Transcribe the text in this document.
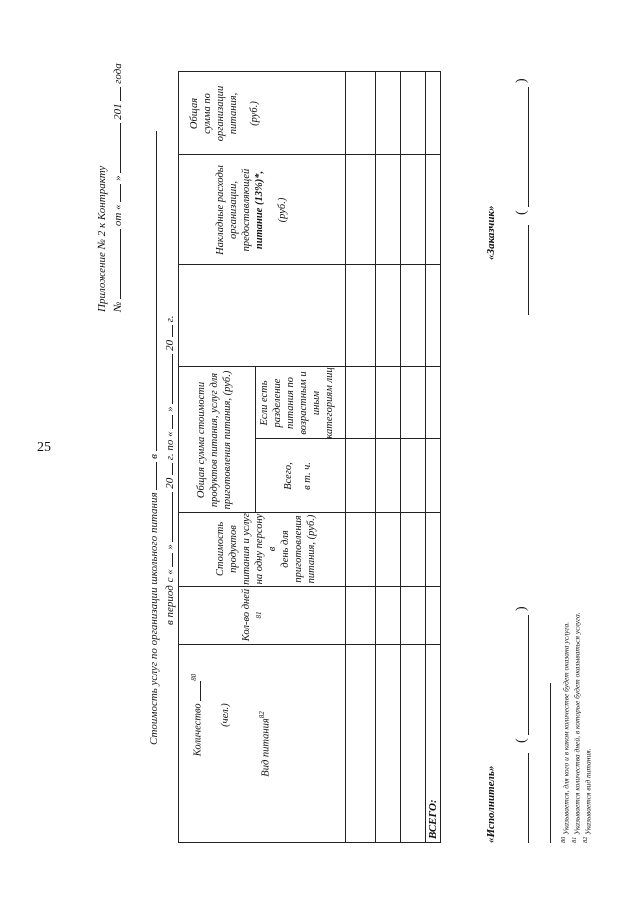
25
Приложение № 2 к Контракту №  от «  »  201  года
Стоимость услуг по организации школьного питания  в
в период с «  »  20  г. по «  »  20  г.
Вид питания$^{82}$
Количество $^{80}$
(чел.)
Кол-во дней $^{81}$
Стоимость продуктов питания и услуг на одну персону в день для приготовления питания, (руб.)
Общая сумма стоимости продуктов питания, услуг для приготовления питания, (руб.)	Всего, в т. ч.
Если есть разделение питания по возрастным и иным категориям лиц
Накладные расходы организации, предоставляющей питание (13%)*, (руб.)
Общая сумма по организации питания, (руб.)
ВСЕГО:	«Исполнитель»
(
)
«Заказчик» (
)
$^{80}$ Указывается, для кого и в каком количестве будет оказана услуга.
$^{81}$ Указывается количества дней, в которые будет оказываться услуга.
$^{82}$ Указывается вид питания.
